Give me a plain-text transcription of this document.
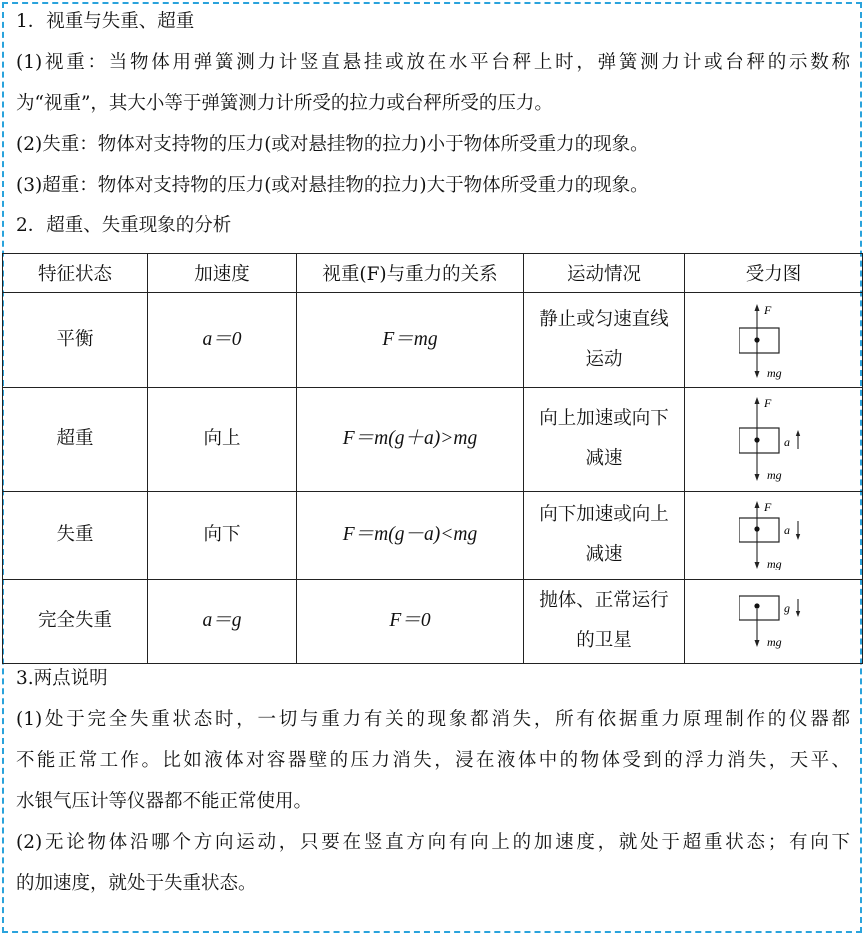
1．视重与失重、超重
(1)视重：当物体用弹簧测力计竖直悬挂或放在水平台秤上时，弹簧测力计或台秤的示数称
为“视重”，其大小等于弹簧测力计所受的拉力或台秤所受的压力。
(2)失重：物体对支持物的压力(或对悬挂物的拉力)小于物体所受重力的现象。
(3)超重：物体对支持物的压力(或对悬挂物的拉力)大于物体所受重力的现象。
2．超重、失重现象的分析
特征状态	加速度	视重(F)与重力的关系	运动情况	受力图
平衡	a＝0	F＝mg	静止或匀速直线运动	F
mg

超重	向上	F＝m(g＋a)>mg	向上加速或向下减速	F
mg
a

失重	向下	F＝m(g－a)<mg	向下加速或向上减速	F
mg
a

完全失重	a＝g	F＝0	抛体、正常运行的卫星	mg
g
3.两点说明
(1)处于完全失重状态时，一切与重力有关的现象都消失，所有依据重力原理制作的仪器都
不能正常工作。比如液体对容器壁的压力消失，浸在液体中的物体受到的浮力消失，天平、
水银气压计等仪器都不能正常使用。
(2)无论物体沿哪个方向运动，只要在竖直方向有向上的加速度，就处于超重状态；有向下
的加速度，就处于失重状态。
